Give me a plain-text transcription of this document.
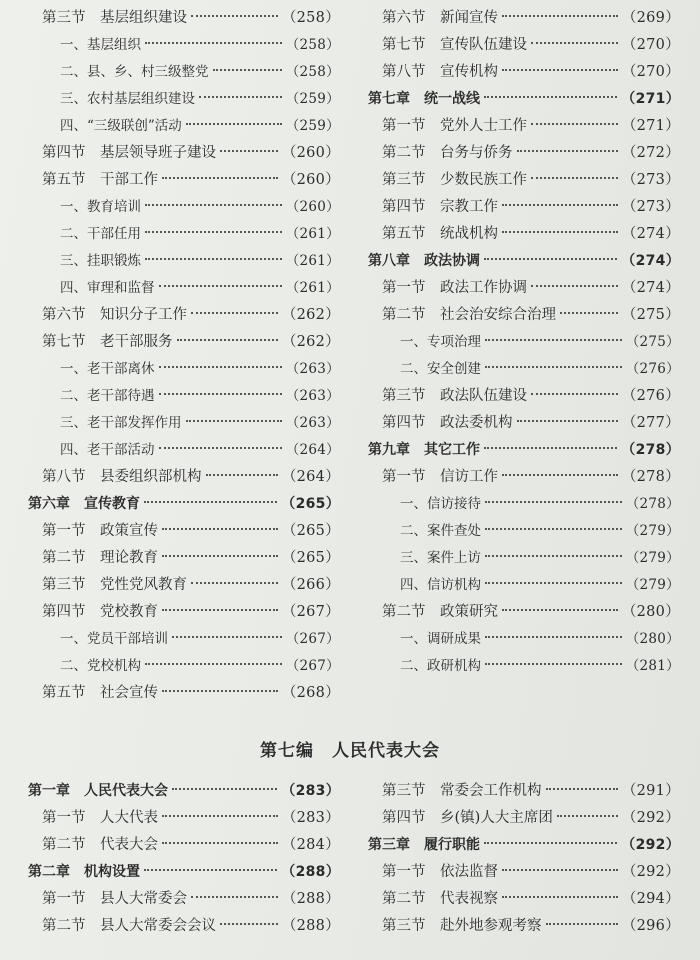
第三节　基层组织建设	（258）
一、基层组织	（258）
二、县、乡、村三级整党	（258）
三、农村基层组织建设	（259）
四、“三级联创”活动	（259）
第四节　基层领导班子建设	（260）
第五节　干部工作	（260）
一、教育培训	（260）
二、干部任用	（261）
三、挂职锻炼	（261）
四、审理和监督	（261）
第六节　知识分子工作	（262）
第七节　老干部服务	（262）
一、老干部离休	（263）
二、老干部待遇	（263）
三、老干部发挥作用	（263）
四、老干部活动	（264）
第八节　县委组织部机构	（264）
第六章　宣传教育	（265）
第一节　政策宣传	（265）
第二节　理论教育	（265）
第三节　党性党风教育	（266）
第四节　党校教育	（267）
一、党员干部培训	（267）
二、党校机构	（267）
第五节　社会宣传	（268）
第六节　新闻宣传	（269）
第七节　宣传队伍建设	（270）
第八节　宣传机构	（270）
第七章　统一战线	（271）
第一节　党外人士工作	（271）
第二节　台务与侨务	（272）
第三节　少数民族工作	（273）
第四节　宗教工作	（273）
第五节　统战机构	（274）
第八章　政法协调	（274）
第一节　政法工作协调	（274）
第二节　社会治安综合治理	（275）
一、专项治理	（275）
二、安全创建	（276）
第三节　政法队伍建设	（276）
第四节　政法委机构	（277）
第九章　其它工作	（278）
第一节　信访工作	（278）
一、信访接待	（278）
二、案件查处	（279）
三、案件上访	（279）
四、信访机构	（279）
第二节　政策研究	（280）
一、调研成果	（280）
二、政研机构	（281）
第七编　人民代表大会
第一章　人民代表大会	（283）
第一节　人大代表	（283）
第二节　代表大会	（284）
第二章　机构设置	（288）
第一节　县人大常委会	（288）
第二节　县人大常委会会议	（288）
第三节　常委会工作机构	（291）
第四节　乡(镇)人大主席团	（292）
第三章　履行职能	（292）
第一节　依法监督	（292）
第二节　代表视察	（294）
第三节　赴外地参观考察	（296）
